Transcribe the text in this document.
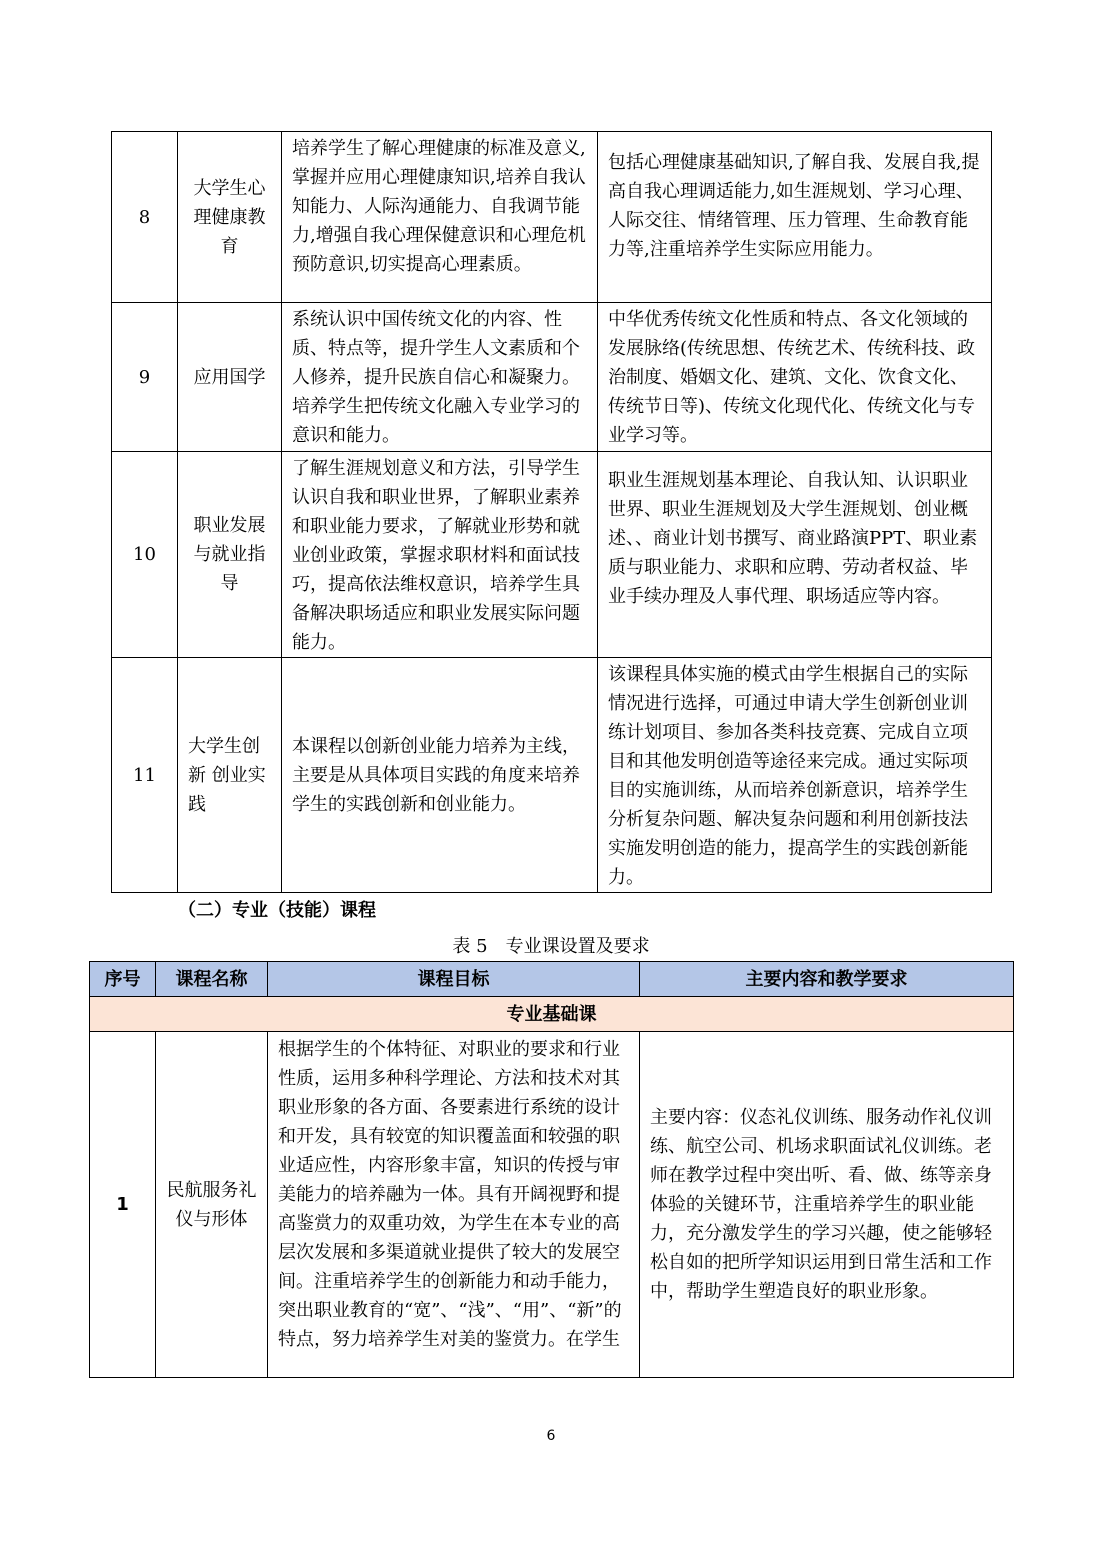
8	大学生心理健康教育	培养学生了解心理健康的标准及意义,掌握并应用心理健康知识,培养自我认知能力、人际沟通能力、自我调节能力,增强自我心理保健意识和心理危机预防意识,切实提高心理素质。	包括心理健康基础知识,了解自我、发展自我,提高自我心理调适能力,如生涯规划、学习心理、人际交往、情绪管理、压力管理、生命教育能力等,注重培养学生实际应用能力。
9	应用国学	系统认识中国传统文化的内容、性质、特点等，提升学生人文素质和个人修养，提升民族自信心和凝聚力。培养学生把传统文化融入专业学习的意识和能力。	中华优秀传统文化性质和特点、各文化领域的发展脉络(传统思想、传统艺术、传统科技、政治制度、婚姻文化、建筑、文化、饮食文化、传统节日等)、传统文化现代化、传统文化与专业学习等。
10	职业发展与就业指导	了解生涯规划意义和方法，引导学生认识自我和职业世界，了解职业素养和职业能力要求，了解就业形势和就业创业政策，掌握求职材料和面试技巧，提高依法维权意识，培养学生具备解决职场适应和职业发展实际问题能力。	职业生涯规划基本理论、自我认知、认识职业世界、职业生涯规划及大学生涯规划、创业概述、、商业计划书撰写、商业路演PPT、职业素质与职业能力、求职和应聘、劳动者权益、毕业手续办理及人事代理、职场适应等内容。
11	大学生创新 创业实践	本课程以创新创业能力培养为主线，主要是从具体项目实践的角度来培养学生的实践创新和创业能力。	该课程具体实施的模式由学生根据自己的实际情况进行选择，可通过申请大学生创新创业训练计划项目、参加各类科技竞赛、完成自立项目和其他发明创造等途径来完成。通过实际项目的实施训练，从而培养创新意识，培养学生分析复杂问题、解决复杂问题和利用创新技法实施发明创造的能力，提高学生的实践创新能力。
（二）专业（技能）课程
表 5　专业课设置及要求
序号	课程名称	课程目标	主要内容和教学要求
专业基础课			
1	民航服务礼仪与形体	根据学生的个体特征、对职业的要求和行业性质，运用多种科学理论、方法和技术对其职业形象的各方面、各要素进行系统的设计和开发，具有较宽的知识覆盖面和较强的职业适应性，内容形象丰富，知识的传授与审美能力的培养融为一体。具有开阔视野和提高鉴赏力的双重功效，为学生在本专业的高层次发展和多渠道就业提供了较大的发展空间。注重培养学生的创新能力和动手能力，突出职业教育的“宽”、“浅”、“用”、“新”的特点，努力培养学生对美的鉴赏力。在学生	主要内容：仪态礼仪训练、服务动作礼仪训练、航空公司、机场求职面试礼仪训练。老师在教学过程中突出听、看、做、练等亲身体验的关键环节，注重培养学生的职业能力，充分激发学生的学习兴趣，使之能够轻松自如的把所学知识运用到日常生活和工作中，帮助学生塑造良好的职业形象。
6
